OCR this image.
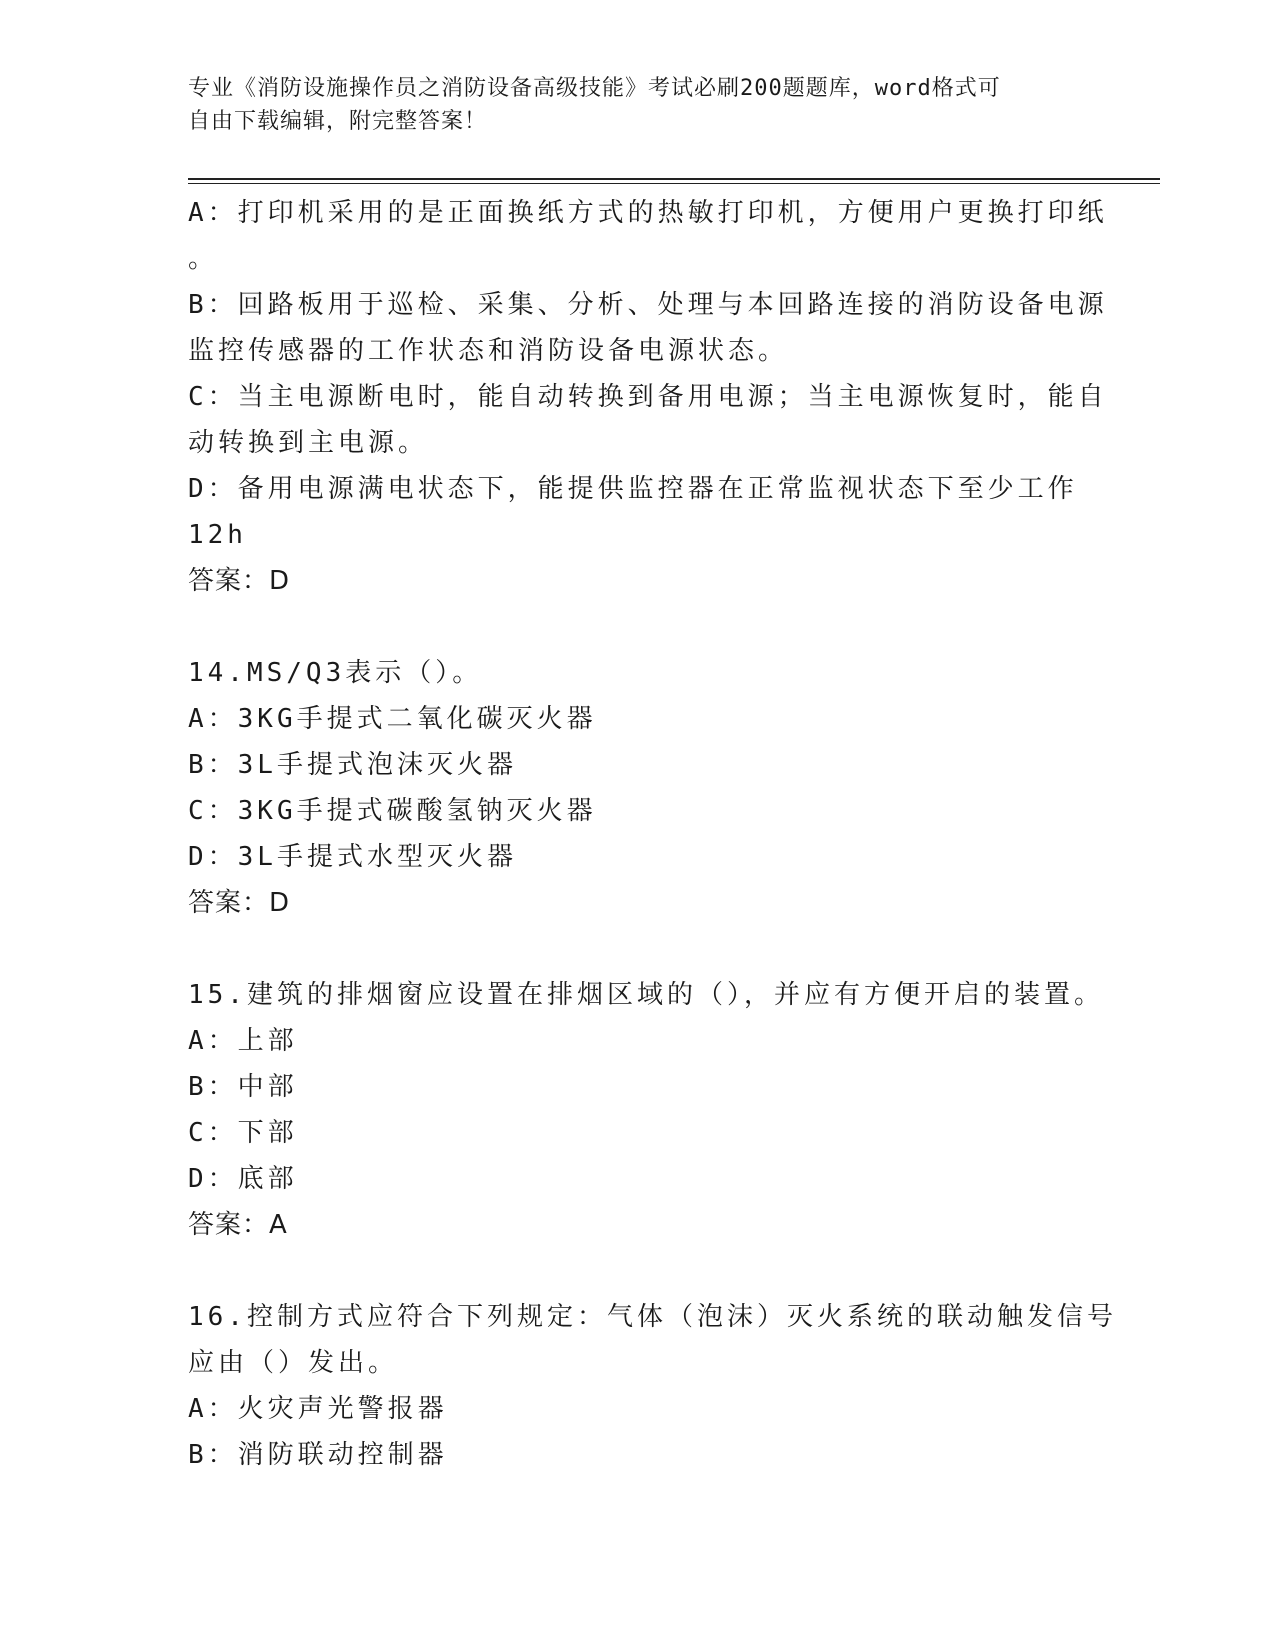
专业《消防设施操作员之消防设备高级技能》考试必刷200题题库，word格式可
自由下载编辑，附完整答案！
A：打印机采用的是正面换纸方式的热敏打印机，方便用户更换打印纸
。
B：回路板用于巡检、采集、分析、处理与本回路连接的消防设备电源
监控传感器的工作状态和消防设备电源状态。
C：当主电源断电时，能自动转换到备用电源；当主电源恢复时，能自
动转换到主电源。
D：备用电源满电状态下，能提供监控器在正常监视状态下至少工作
12h
答案：D
14.MS/Q3表示（）。
A：3KG手提式二氧化碳灭火器
B：3L手提式泡沫灭火器
C：3KG手提式碳酸氢钠灭火器
D：3L手提式水型灭火器
答案：D
15.建筑的排烟窗应设置在排烟区域的（），并应有方便开启的装置。
A：上部
B：中部
C：下部
D：底部
答案：A
16.控制方式应符合下列规定：气体（泡沫）灭火系统的联动触发信号
应由（）发出。
A：火灾声光警报器
B：消防联动控制器
